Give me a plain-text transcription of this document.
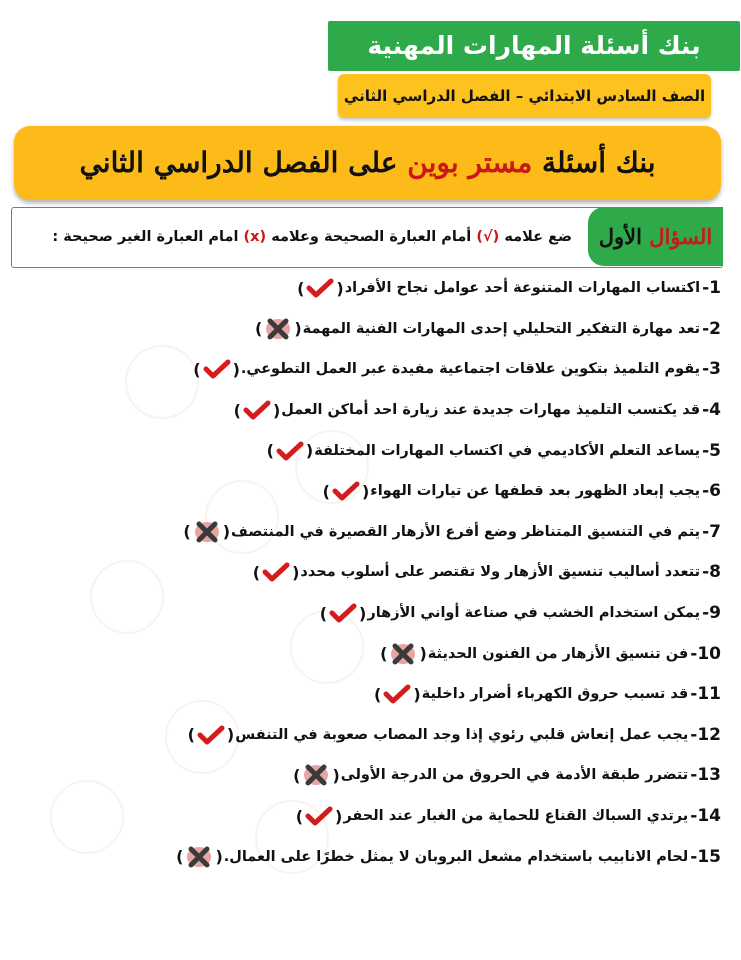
بنك أسئلة المهارات المهنية
الصف السادس الابتدائي – الفصل الدراسي الثاني
بنك أسئلة مستر بوين على الفصل الدراسي الثاني
السؤال الأول
ضع علامه (√) أمام العبارة الصحيحة وعلامه (x) امام العبارة الغير صحيحة :
1-
اكتساب المهارات المتنوعة أحد عوامل نجاح الأفراد
(
)
2-
تعد مهارة التفكير التحليلي إحدى المهارات الفنية المهمة
(
)
3-
يقوم التلميذ بتكوين علاقات اجتماعية مفيدة عبر العمل التطوعي.
(
)
4-
قد يكتسب التلميذ مهارات جديدة عند زيارة احد أماكن العمل
(
)
5-
يساعد التعلم الأكاديمي في اكتساب المهارات المختلفة
(
)
6-
يجب إبعاد الظهور بعد قطفها عن تيارات الهواء
(
)
7-
يتم في التنسيق المتناظر وضع أفرع الأزهار القصيرة في المنتصف
(
)
8-
تتعدد أساليب تنسيق الأزهار ولا تقتصر على أسلوب محدد
(
)
9-
يمكن استخدام الخشب في صناعة أواني الأزهار
(
)
10-
فن تنسيق الأزهار من الفنون الحديثة
(
)
11-
قد تسبب حروق الكهرباء أضرار داخلية
(
)
12-
يجب عمل إنعاش قلبي رئوي إذا وجد المصاب صعوبة في التنفس
(
)
13-
تتضرر طبقة الأدمة في الحروق من الدرجة الأولى
(
)
14-
يرتدي السباك القناع للحماية من الغبار عند الحفر
(
)
15-
لحام الانابيب باستخدام مشعل البروبان لا يمثل خطرًا على العمال.
(
)
